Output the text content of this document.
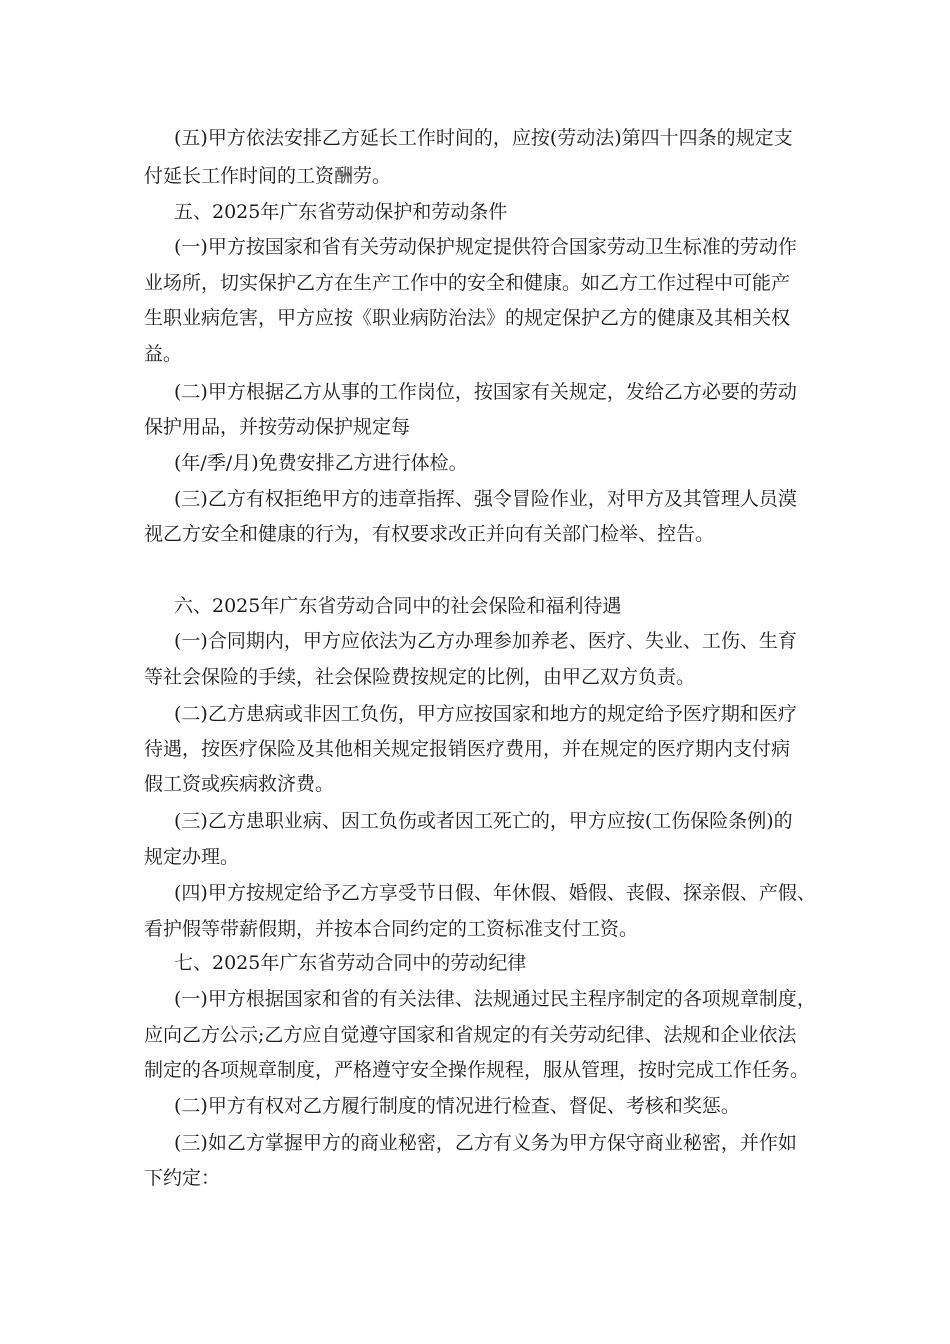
(五)甲方依法安排乙方延长工作时间的，应按(劳动法)第四十四条的规定支
付延长工作时间的工资酬劳。
五、2025年广东省劳动保护和劳动条件
(一)甲方按国家和省有关劳动保护规定提供符合国家劳动卫生标准的劳动作
业场所，切实保护乙方在生产工作中的安全和健康。如乙方工作过程中可能产
生职业病危害，甲方应按《职业病防治法》的规定保护乙方的健康及其相关权
益。
(二)甲方根据乙方从事的工作岗位，按国家有关规定，发给乙方必要的劳动
保护用品，并按劳动保护规定每
(年/季/月)免费安排乙方进行体检。
(三)乙方有权拒绝甲方的违章指挥、强令冒险作业，对甲方及其管理人员漠
视乙方安全和健康的行为，有权要求改正并向有关部门检举、控告。
六、2025年广东省劳动合同中的社会保险和福利待遇
(一)合同期内，甲方应依法为乙方办理参加养老、医疗、失业、工伤、生育
等社会保险的手续，社会保险费按规定的比例，由甲乙双方负责。
(二)乙方患病或非因工负伤，甲方应按国家和地方的规定给予医疗期和医疗
待遇，按医疗保险及其他相关规定报销医疗费用，并在规定的医疗期内支付病
假工资或疾病救济费。
(三)乙方患职业病、因工负伤或者因工死亡的，甲方应按(工伤保险条例)的
规定办理。
(四)甲方按规定给予乙方享受节日假、年休假、婚假、丧假、探亲假、产假、
看护假等带薪假期，并按本合同约定的工资标准支付工资。
七、2025年广东省劳动合同中的劳动纪律
(一)甲方根据国家和省的有关法律、法规通过民主程序制定的各项规章制度，
应向乙方公示;乙方应自觉遵守国家和省规定的有关劳动纪律、法规和企业依法
制定的各项规章制度，严格遵守安全操作规程，服从管理，按时完成工作任务。
(二)甲方有权对乙方履行制度的情况进行检查、督促、考核和奖惩。
(三)如乙方掌握甲方的商业秘密，乙方有义务为甲方保守商业秘密，并作如
下约定：
